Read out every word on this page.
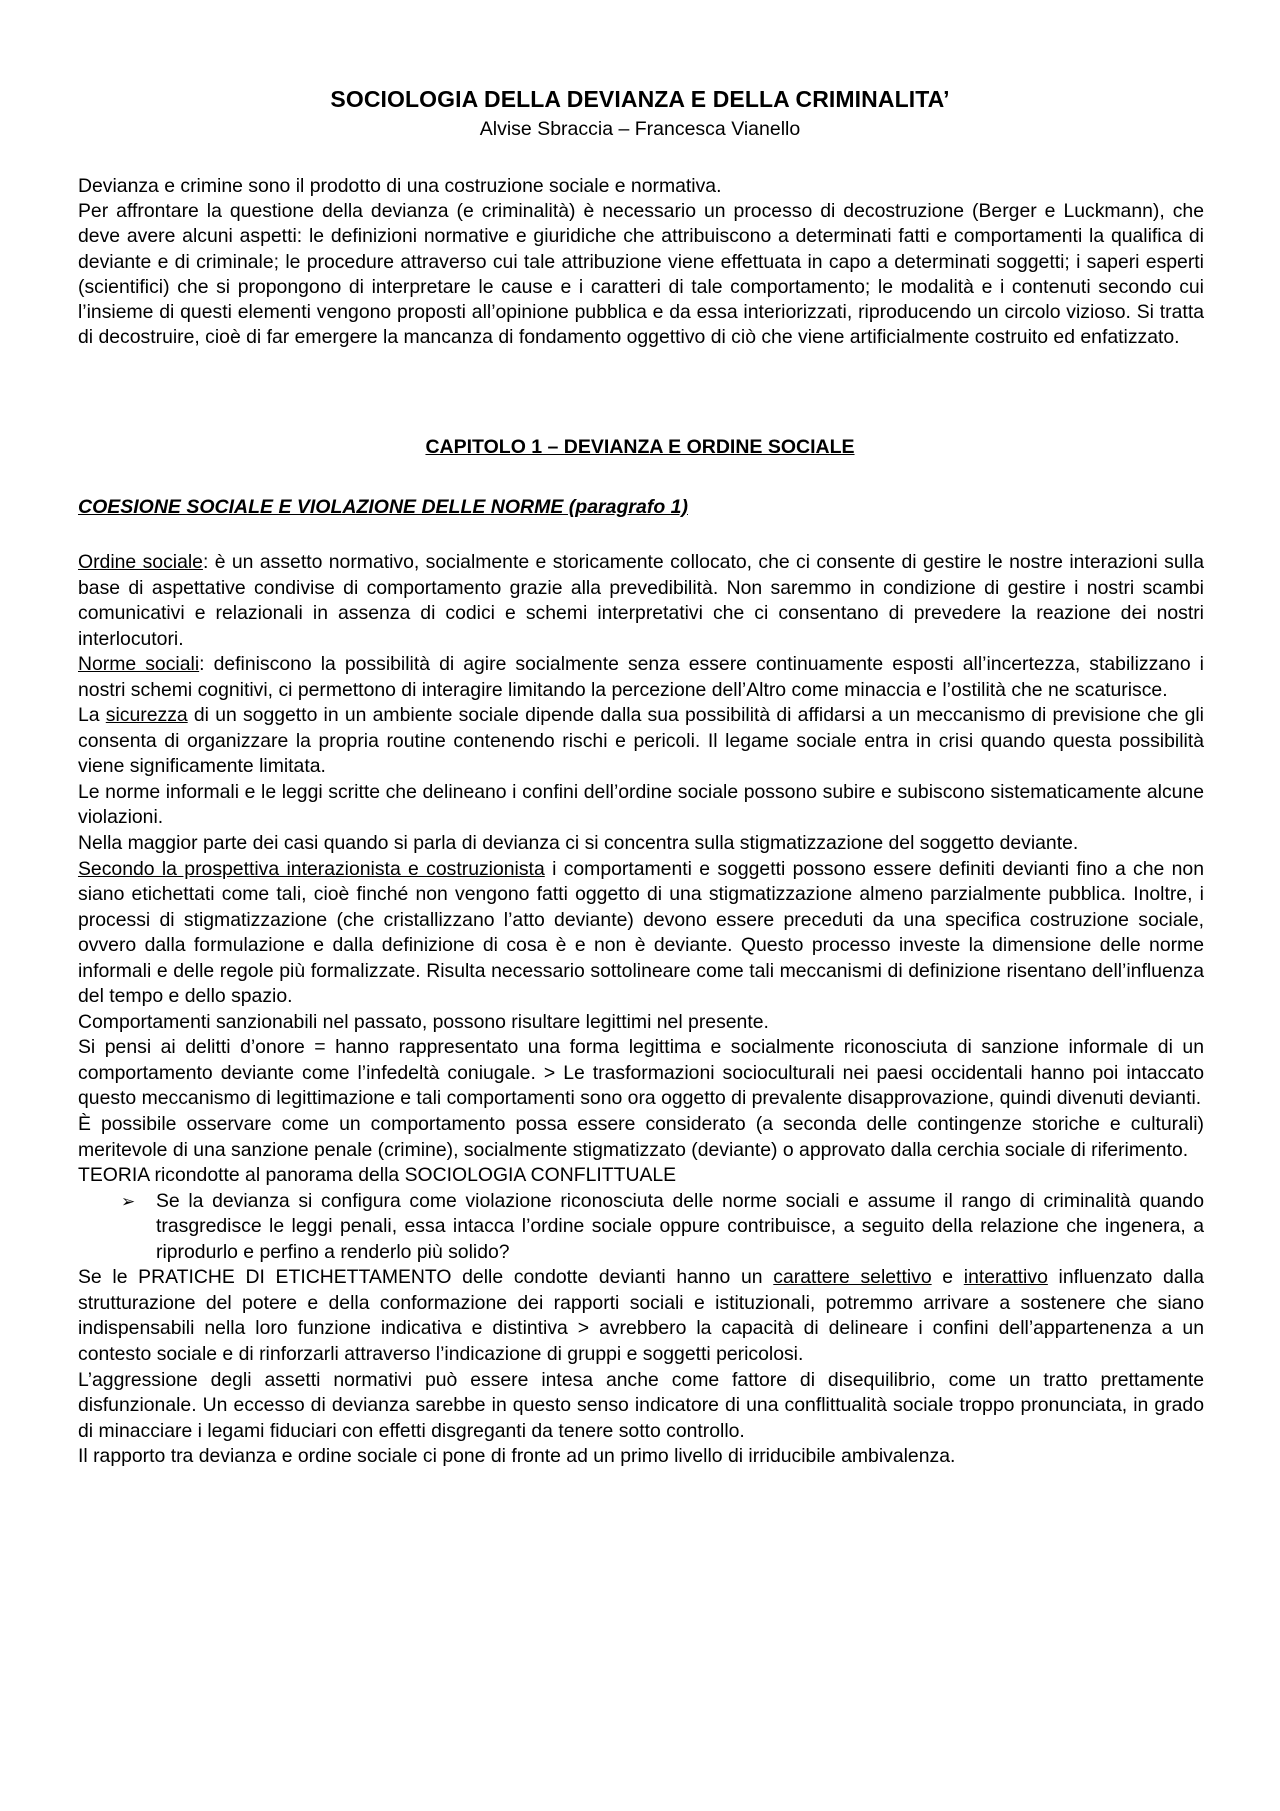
SOCIOLOGIA DELLA DEVIANZA E DELLA CRIMINALITA’
Alvise Sbraccia – Francesca Vianello

Devianza e crimine sono il prodotto di una costruzione sociale e normativa.

Per affrontare la questione della devianza (e criminalità) è necessario un processo di decostruzione (Berger e Luckmann), che deve avere alcuni aspetti: le definizioni normative e giuridiche che attribuiscono a determinati fatti e comportamenti la qualifica di deviante e di criminale; le procedure attraverso cui tale attribuzione viene effettuata in capo a determinati soggetti; i saperi esperti (scientifici) che si propongono di interpretare le cause e i caratteri di tale comportamento; le modalità e i contenuti secondo cui l’insieme di questi elementi vengono proposti all’opinione pubblica e da essa interiorizzati, riproducendo un circolo vizioso. Si tratta di decostruire, cioè di far emergere la mancanza di fondamento oggettivo di ciò che viene artificialmente costruito ed enfatizzato.

CAPITOLO 1 – DEVIANZA E ORDINE SOCIALE
COESIONE SOCIALE E VIOLAZIONE DELLE NORME (paragrafo 1)

Ordine sociale: è un assetto normativo, socialmente e storicamente collocato, che ci consente di gestire le nostre interazioni sulla base di aspettative condivise di comportamento grazie alla prevedibilità. Non saremmo in condizione di gestire i nostri scambi comunicativi e relazionali in assenza di codici e schemi interpretativi che ci consentano di prevedere la reazione dei nostri interlocutori.

Norme sociali: definiscono la possibilità di agire socialmente senza essere continuamente esposti all’incertezza, stabilizzano i nostri schemi cognitivi, ci permettono di interagire limitando la percezione dell’Altro come minaccia e l’ostilità che ne scaturisce.

La sicurezza di un soggetto in un ambiente sociale dipende dalla sua possibilità di affidarsi a un meccanismo di previsione che gli consenta di organizzare la propria routine contenendo rischi e pericoli. Il legame sociale entra in crisi quando questa possibilità viene significamente limitata.

Le norme informali e le leggi scritte che delineano i confini dell’ordine sociale possono subire e subiscono sistematicamente alcune violazioni.

Nella maggior parte dei casi quando si parla di devianza ci si concentra sulla stigmatizzazione del soggetto deviante.

Secondo la prospettiva interazionista e costruzionista i comportamenti e soggetti possono essere definiti devianti fino a che non siano etichettati come tali, cioè finché non vengono fatti oggetto di una stigmatizzazione almeno parzialmente pubblica. Inoltre, i processi di stigmatizzazione (che cristallizzano l’atto deviante) devono essere preceduti da una specifica costruzione sociale, ovvero dalla formulazione e dalla definizione di cosa è e non è deviante. Questo processo investe la dimensione delle norme informali e delle regole più formalizzate. Risulta necessario sottolineare come tali meccanismi di definizione risentano dell’influenza del tempo e dello spazio.

Comportamenti sanzionabili nel passato, possono risultare legittimi nel presente.

Si pensi ai delitti d’onore = hanno rappresentato una forma legittima e socialmente riconosciuta di sanzione informale di un comportamento deviante come l’infedeltà coniugale. > Le trasformazioni socioculturali nei paesi occidentali hanno poi intaccato questo meccanismo di legittimazione e tali comportamenti sono ora oggetto di prevalente disapprovazione, quindi divenuti devianti.

È possibile osservare come un comportamento possa essere considerato (a seconda delle contingenze storiche e culturali) meritevole di una sanzione penale (crimine), socialmente stigmatizzato (deviante) o approvato dalla cerchia sociale di riferimento.

TEORIA ricondotte al panorama della SOCIOLOGIA CONFLITTUALE

➢ Se la devianza si configura come violazione riconosciuta delle norme sociali e assume il rango di criminalità quando trasgredisce le leggi penali, essa intacca l’ordine sociale oppure contribuisce, a seguito della relazione che ingenera, a riprodurlo e perfino a renderlo più solido?

Se le PRATICHE DI ETICHETTAMENTO delle condotte devianti hanno un carattere selettivo e interattivo influenzato dalla strutturazione del potere e della conformazione dei rapporti sociali e istituzionali, potremmo arrivare a sostenere che siano indispensabili nella loro funzione indicativa e distintiva > avrebbero la capacità di delineare i confini dell’appartenenza a un contesto sociale e di rinforzarli attraverso l’indicazione di gruppi e soggetti pericolosi.

L’aggressione degli assetti normativi può essere intesa anche come fattore di disequilibrio, come un tratto prettamente disfunzionale. Un eccesso di devianza sarebbe in questo senso indicatore di una conflittualità sociale troppo pronunciata, in grado di minacciare i legami fiduciari con effetti disgreganti da tenere sotto controllo.

Il rapporto tra devianza e ordine sociale ci pone di fronte ad un primo livello di irriducibile ambivalenza.
